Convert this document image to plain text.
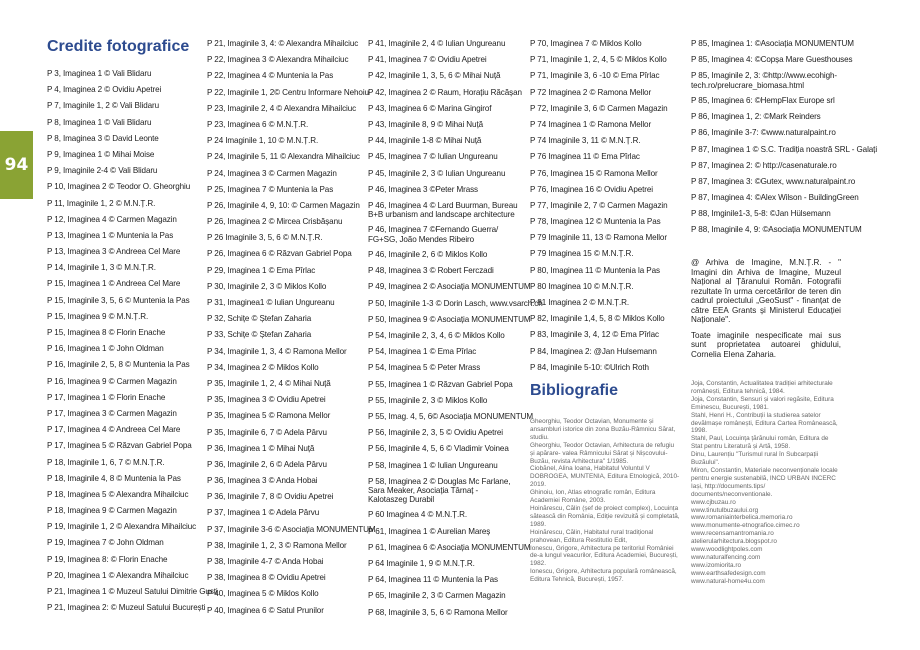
94
Credite fotografice
P 3, Imaginea 1 © Vali Blidaru
P 4, Imaginea 2 © Ovidiu Apetrei
P 7, Imaginile 1, 2 © Vali Blidaru
P 8, Imaginea 1 © Vali Blidaru
P 8, Imaginea 3 © David Leonte
P 9, Imaginea 1 © Mihai Moise
P 9, Imaginile 2-4 © Vali Blidaru
P 10, Imaginea 2 © Teodor O. Gheorghiu
P 11, Imaginile 1, 2 © M.N.Ț.R.
P 12, Imaginea 4 © Carmen Magazin
P 13, Imaginea 1 © Muntenia la Pas
P 13, Imaginea 3 © Andreea Cel Mare
P 14, Imaginile 1, 3 © M.N.Ț.R.
P 15, Imaginea 1 © Andreea Cel Mare
P 15, Imaginile 3, 5, 6 © Muntenia la Pas
P 15, Imaginea 9 © M.N.Ț.R.
P 15, Imaginea 8 © Florin Enache
P 16, Imaginea 1 © John Oldman
P 16, Imaginile 2, 5, 8 © Muntenia la Pas
P 16, Imaginea 9 © Carmen Magazin
P 17, Imaginea 1 © Florin Enache
P 17, Imaginea 3 © Carmen Magazin
P 17, Imaginea 4 © Andreea Cel Mare
P 17, Imaginea 5 © Răzvan Gabriel Popa
P 18, Imaginile 1, 6, 7 © M.N.Ț.R.
P 18, Imaginile 4, 8 © Muntenia la Pas
P 18, Imaginea 5 © Alexandra Mihailciuc
P 18, Imaginea 9 © Carmen Magazin
P 19, Imaginile 1, 2 © Alexandra Mihailciuc
P 19, Imaginea 7 © John Oldman
P 19, Imaginea 8: © Florin Enache
P 20, Imaginea 1 © Alexandra Mihailciuc
P 21, Imaginea 1 © Muzeul Satului Dimitrie Gusti
P 21, Imaginea 2: © Muzeul Satului București
P 21, Imaginile 3, 4: © Alexandra Mihailciuc
P 22, Imaginea 3 © Alexandra Mihailciuc
P 22, Imaginea 4 © Muntenia la Pas
P 22, Imaginile 1, 2© Centru Informare Nehoiu
P 23, Imaginile 2, 4 © Alexandra Mihailciuc
P 23, Imaginea 6 © M.N.Ț.R.
P 24 Imaginile 1, 10 © M.N.Ț.R.
P 24, Imaginile 5, 11 © Alexandra Mihailciuc
P 24, Imaginea 3 © Carmen Magazin
P 25, Imaginea 7 © Muntenia la Pas
P 26, Imaginile 4, 9, 10: © Carmen Magazin
P 26, Imaginea 2 © Mircea Crisbășanu
P 26 Imaginile 3, 5, 6 © M.N.Ț.R.
P 26, Imaginea 6 © Răzvan Gabriel Popa
P 29, Imaginea 1 © Ema Pîrlac
P 30, Imaginile 2, 3 © Miklos Kollo
P 31, Imaginea1 © Iulian Ungureanu
P 32, Schițe © Ștefan Zaharia
P 33, Schițe © Ștefan Zaharia
P 34, Imaginile 1, 3, 4 © Ramona Mellor
P 34, Imaginea 2 © Miklos Kollo
P 35, Imaginile 1, 2, 4 © Mihai Nuță
P 35, Imaginea 3 © Ovidiu Apetrei
P 35, Imaginea 5 © Ramona Mellor
P 35, Imaginile 6, 7 © Adela Pârvu
P 36, Imaginea 1 © Mihai Nuță
P 36, Imaginile 2, 6 © Adela Pârvu
P 36, Imaginea 3 © Anda Hobai
P 36, Imaginile 7, 8 © Ovidiu Apetrei
P 37, Imaginea 1 © Adela Pârvu
P 37, Imaginile 3-6 © Asociația MONUMENTUM
P 38, Imaginile 1, 2, 3 © Ramona Mellor
P 38, Imaginile 4-7 © Anda Hobai
P 38, Imaginea 8 © Ovidiu Apetrei
P 40, Imaginea 5 © Miklos Kollo
P 40, Imaginea 6 © Satul Prunilor
P 41, Imaginile 2, 4 © Iulian Ungureanu
P 41, Imaginea 7 © Ovidiu Apetrei
P 42, Imaginile 1, 3, 5, 6 © Mihai Nuță
P 42, Imaginea 2 © Raum, Horațiu Răcășan
P 43, Imaginea 6 © Marina Gingirof
P 43, Imaginile 8, 9 © Mihai Nuță
P 44, Imaginile 1-8 © Mihai Nuță
P 45, Imaginea 7 © Iulian Ungureanu
P 45, Imaginile 2, 3 © Iulian Ungureanu
P 46, Imaginea 3 ©Peter Mrass
P 46, Imaginea 4 © Lard Buurman, Bureau B+B urbanism and landscape architecture
P 46, Imaginea 7 ©Fernando Guerra/ FG+SG, João Mendes Ribeiro
P 46, Imaginile 2, 6 © Miklos Kollo
P 48, Imaginea 3 © Robert Ferczadi
P 49, Imaginea 2 © Asociația MONUMENTUM
P 50, Imaginile 1-3 © Dorin Lasch, www.vsarch.ch
P 50, Imaginea 9 © Asociația MONUMENTUM
P 54, Imaginile 2, 3, 4, 6 © Miklos Kollo
P 54, Imaginea 1 © Ema Pîrlac
P 54, Imaginea 5 © Peter Mrass
P 55, Imaginea 1 © Răzvan Gabriel Popa
P 55, Imaginile 2, 3 © Miklos Kollo
P 55, Imag. 4, 5, 6© Asociația MONUMENTUM
P 56, Imaginile 2, 3, 5 © Ovidiu Apetrei
P 56, Imaginile 4, 5, 6 © Vladimir Voinea
P 58, Imaginea 1 © Iulian Ungureanu
P 58, Imaginea 2 © Douglas Mc Farlane, Sara Meaker, Asociația Târnaț - Kalotaszeg Durabil
P 60 Imaginea 4 © M.N.Ț.R.
P 61, Imaginea 1 © Aurelian Mareș
P 61, Imaginea 6 © Asociația MONUMENTUM
P 64 Imaginile 1, 9 © M.N.Ț.R.
P 64, Imaginea 11 © Muntenia la Pas
P 65, Imaginile 2, 3 © Carmen Magazin
P 68, Imaginile 3, 5, 6 © Ramona Mellor
P 70, Imaginea 7 © Miklos Kollo
P 71, Imaginile 1, 2, 4, 5 © Miklos Kollo
P 71, Imaginile 3, 6 -10 © Ema Pîrlac
P 72 Imaginea 2 © Ramona Mellor
P 72, Imaginile 3, 6 © Carmen Magazin
P 74 Imaginea 1 © Ramona Mellor
P 74 Imaginile 3, 11 © M.N.Ț.R.
P 76 Imaginea 11 © Ema Pîrlac
P 76, Imaginea 15 © Ramona Mellor
P 76, Imaginea 16 © Ovidiu Apetrei
P 77, Imaginile 2, 7 © Carmen Magazin
P 78, Imaginea 12 © Muntenia la Pas
P 79 Imaginile 11, 13 © Ramona Mellor
P 79 Imaginea 15 © M.N.Ț.R.
P 80, Imaginea 11 © Muntenia la Pas
P 80 Imaginea 10 © M.N.Ț.R.
P 81 Imaginea 2 © M.N.Ț.R.
P 82, Imaginile 1,4, 5, 8 © Miklos Kollo
P 83, Imaginile 3, 4, 12 © Ema Pîrlac
P 84, Imaginea 2: @Jan Hulsemann
P 84, Imaginile 5-10: ©Ulrich Roth
Bibliografie

Gheorghiu, Teodor Octavian, Monumente și ansambluri istorice din zona Buzău-Râmnicu Sărat, studiu.

Gheorghiu, Teodor Octavian, Arhitectura de refugiu și apărare- valea Râmnicului Sărat și Nișcovului- Buzău, revista Arhitectura" 1/1985.

Ciobănel, Alina Ioana, Habitatul Voluntul V DOBROGEA, MUNTENIA, Editura Etnologică, 2010-2019.

Ghinoiu, Ion, Atlas etnografic român, Editura Academiei Române, 2003.

Hoinărescu, Călin (șef de proiect complex), Locuința sătească din România, Ediție revizuită și completată, 1989.

Hoinărescu, Călin, Habitatul rural tradițional prahovean, Editura Restitutio Edit,

Ionescu, Grigore, Arhitectura pe teritoriul României de-a lungul veacurilor, Editura Academiei, București, 1982.

Ionescu, Grigore, Arhitectura populară românească, Editura Tehnică, București, 1957.

P 85, Imaginea 1: ©Asociația MONUMENTUM
P 85, Imaginea 4: ©Copșa Mare Guesthouses
P 85, Imaginile 2, 3: ©http://www.ecohigh-tech.ro/prelucrare_biomasa.html
P 85, Imaginea 6: ©HempFlax Europe srl
P 86, Imaginea 1, 2: ©Mark Reinders
P 86, Imaginile 3-7: ©www.naturalpaint.ro
P 87, Imaginea 1 © S.C. Tradiția noastră SRL - Galați
P 87, Imaginea 2: © http://casenaturale.ro
P 87, Imaginea 3: ©Gutex, www.naturalpaint.ro
P 87, Imaginea 4: ©Alex Wilson - BuildingGreen
P 88, Imginile1-3, 5-8: ©Jan Hülsemann
P 88, Imaginile 4, 9: ©Asociația MONUMENTUM

@ Arhiva de Imagine, M.N.Ț.R. - " Imagini din Arhiva de Imagine, Muzeul Național al Țăranului Român. Fotografii rezultate în urma cercetărilor de teren din cadrul proiectului „GeoSust" - finanțat de către EEA Grants și Ministerul Educației Naționale".

Toate imaginile nespecificate mai sus sunt proprietatea autoarei ghidului, Cornelia Elena Zaharia.

Joja, Constantin, Actualitatea tradiției arhitecturale românești, Editura tehnică, 1984.

Joja, Constantin, Sensuri și valori regăsite, Editura Eminescu, București, 1981.

Stahl, Henri H., Contribuții la studierea satelor devălmașe românești, Editura Cartea Românească, 1998.

Stahl, Paul, Locuința țărănului român, Editura de Stat pentru Literatură și Artă, 1958.

Dinu, Laurențiu "Turismul rural în Subcarpații Buzăului".

Miron, Constantin, Materiale neconvenționale locale pentru energie sustenabilă, INCD URBAN INCERC Iași, http://documents.tips/ documents/neconventionale.

www.cjbuzau.ro

www.tinutulbuzaului.org

www.romaniainterbelica.memoria.ro

www.monumente-etnografice.cimec.ro

www.recensamantromania.ro

atelierularhitectura.blogspot.ro

www.woodlightpoles.com

www.naturalfencing.com

www.izomiorita.ro

www.earthsafedesign.com

www.natural-home4u.com
